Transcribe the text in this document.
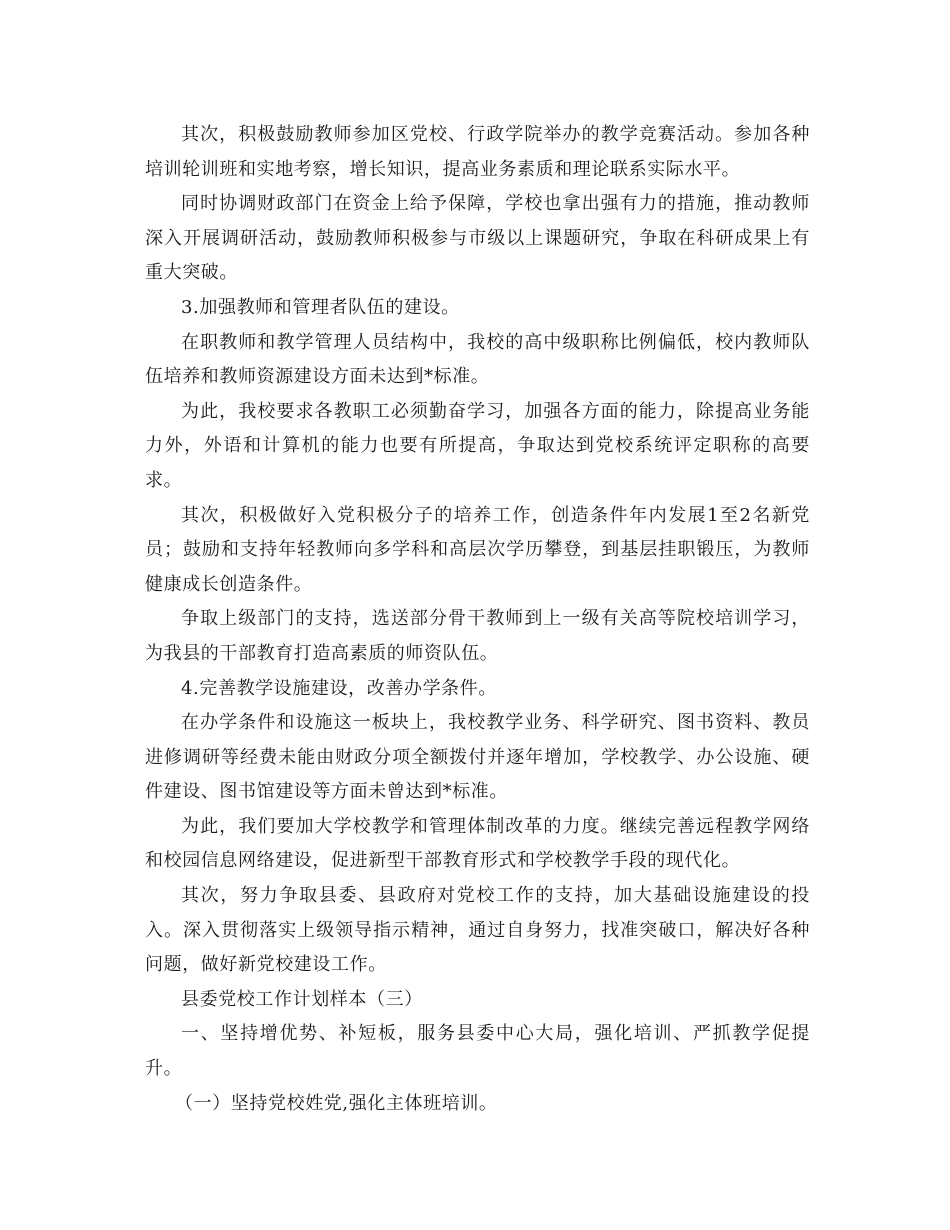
其次，积极鼓励教师参加区党校、行政学院举办的教学竞赛活动。参加各种培训轮训班和实地考察，增长知识，提高业务素质和理论联系实际水平。

同时协调财政部门在资金上给予保障，学校也拿出强有力的措施，推动教师深入开展调研活动，鼓励教师积极参与市级以上课题研究，争取在科研成果上有重大突破。

3.加强教师和管理者队伍的建设。

在职教师和教学管理人员结构中，我校的高中级职称比例偏低，校内教师队伍培养和教师资源建设方面未达到*标准。

为此，我校要求各教职工必须勤奋学习，加强各方面的能力，除提高业务能力外，外语和计算机的能力也要有所提高，争取达到党校系统评定职称的高要求。

其次，积极做好入党积极分子的培养工作，创造条件年内发展1至2名新党员；鼓励和支持年轻教师向多学科和高层次学历攀登，到基层挂职锻压，为教师健康成长创造条件。

争取上级部门的支持，选送部分骨干教师到上一级有关高等院校培训学习，为我县的干部教育打造高素质的师资队伍。

4.完善教学设施建设，改善办学条件。

在办学条件和设施这一板块上，我校教学业务、科学研究、图书资料、教员进修调研等经费未能由财政分项全额拨付并逐年增加，学校教学、办公设施、硬件建设、图书馆建设等方面未曾达到*标准。

为此，我们要加大学校教学和管理体制改革的力度。继续完善远程教学网络和校园信息网络建设，促进新型干部教育形式和学校教学手段的现代化。

其次，努力争取县委、县政府对党校工作的支持，加大基础设施建设的投入。深入贯彻落实上级领导指示精神，通过自身努力，找准突破口，解决好各种问题，做好新党校建设工作。

县委党校工作计划样本（三）

一、坚持增优势、补短板，服务县委中心大局，强化培训、严抓教学促提升。

（一）坚持党校姓党,强化主体班培训。
